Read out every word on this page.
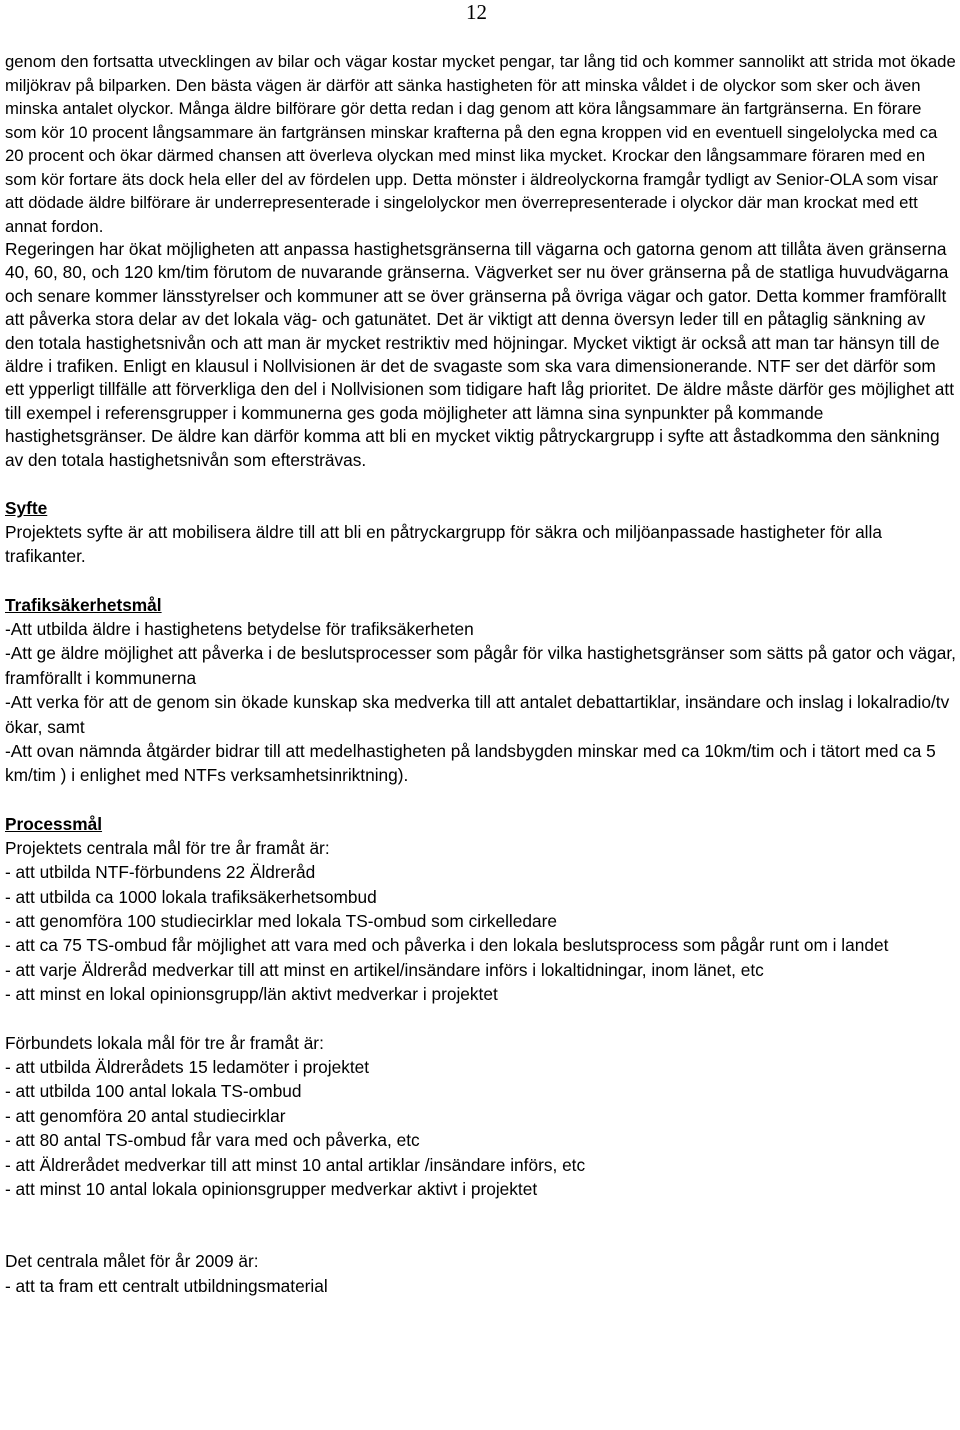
12

genom den fortsatta utvecklingen av bilar och vägar kostar mycket pengar, tar lång tid och kommer sannolikt att strida mot ökade miljökrav på bilparken. Den bästa vägen är därför att sänka hastigheten för att minska våldet i de olyckor som sker och även minska antalet olyckor. Många äldre bilförare gör detta redan i dag genom att köra långsammare än fartgränserna. En förare som kör 10 procent långsammare än fartgränsen minskar krafterna på den egna kroppen vid en eventuell singelolycka med ca 20 procent och ökar därmed chansen att överleva olyckan med minst lika mycket. Krockar den långsammare föraren med en som kör fortare äts dock hela eller del av fördelen upp. Detta mönster i äldreolyckorna framgår tydligt av Senior-OLA som visar att dödade äldre bilförare är underrepresenterade i singelolyckor men överrepresenterade i olyckor där man krockat med ett annat fordon.

Regeringen har ökat möjligheten att anpassa hastighetsgränserna till vägarna och gatorna genom att tillåta även gränserna 40, 60, 80, och 120 km/tim förutom de nuvarande gränserna. Vägverket ser nu över gränserna på de statliga huvudvägarna och senare kommer länsstyrelser och kommuner att se över gränserna på övriga vägar och gator. Detta kommer framförallt att påverka stora delar av det lokala väg- och gatunätet. Det är viktigt att denna översyn leder till en påtaglig sänkning av den totala hastighetsnivån och att man är mycket restriktiv med höjningar. Mycket viktigt är också att man tar hänsyn till de äldre i trafiken. Enligt en klausul i Nollvisionen är det de svagaste som ska vara dimensionerande. NTF ser det därför som ett ypperligt tillfälle att förverkliga den del i Nollvisionen som tidigare haft låg prioritet. De äldre måste därför ges möjlighet att till exempel i referensgrupper i kommunerna ges goda möjligheter att lämna sina synpunkter på kommande hastighetsgränser. De äldre kan därför komma att bli en mycket viktig påtryckargrupp i syfte att åstadkomma den sänkning av den totala hastighetsnivån som eftersträvas.

Syfte

Projektets syfte är att mobilisera äldre till att bli en påtryckargrupp för säkra och miljöanpassade hastigheter för alla trafikanter.

Trafiksäkerhetsmål

-Att utbilda äldre i hastighetens betydelse för trafiksäkerheten

-Att ge äldre möjlighet att påverka i de beslutsprocesser som pågår för vilka hastighetsgränser som sätts på gator och vägar, framförallt i kommunerna

-Att verka för att de genom sin ökade kunskap ska medverka till att antalet debattartiklar, insändare och inslag i lokalradio/tv ökar, samt

-Att ovan nämnda åtgärder bidrar till att medelhastigheten på landsbygden minskar med ca 10km/tim och i tätort med ca 5 km/tim ) i enlighet med NTFs verksamhetsinriktning).

Processmål

Projektets centrala mål för tre år framåt är:

- att utbilda NTF-förbundens 22 Äldreråd

- att utbilda ca 1000 lokala trafiksäkerhetsombud

- att genomföra 100 studiecirklar med lokala TS-ombud som cirkelledare

- att ca 75 TS-ombud får möjlighet att vara med och påverka i den lokala beslutsprocess som pågår runt om i landet

- att varje Äldreråd medverkar till att minst en artikel/insändare införs i lokaltidningar, inom länet, etc

- att minst en lokal opinionsgrupp/län aktivt medverkar i projektet

Förbundets lokala mål för tre år framåt är:

- att utbilda Äldrerådets 15 ledamöter i projektet

- att utbilda 100 antal lokala TS-ombud

- att genomföra 20 antal studiecirklar

- att 80 antal TS-ombud får vara med och påverka, etc

- att Äldrerådet medverkar till att minst 10 antal artiklar /insändare införs, etc

- att minst 10 antal lokala opinionsgrupper medverkar aktivt i projektet

Det centrala målet för år 2009 är:

- att ta fram ett centralt utbildningsmaterial
